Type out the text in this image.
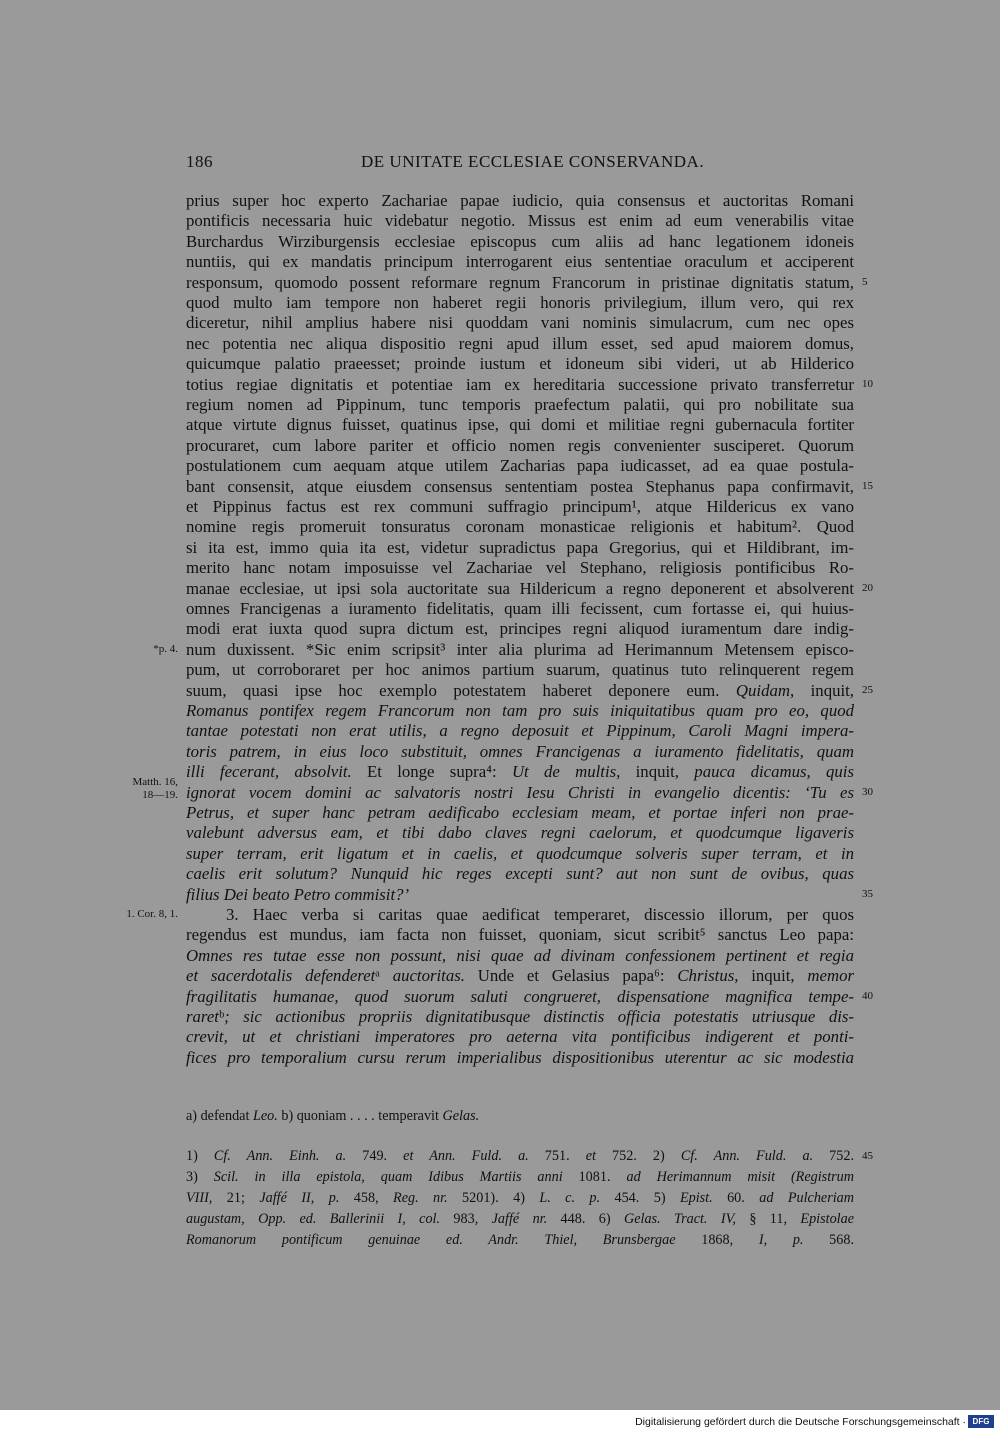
186	DE UNITATE ECCLESIAE CONSERVANDA.
prius super hoc experto Zachariae papae iudicio, quia consensus et auctoritas Romani
pontificis necessaria huic videbatur negotio. Missus est enim ad eum venerabilis vitae
Burchardus Wirziburgensis ecclesiae episcopus cum aliis ad hanc legationem idoneis
nuntiis, qui ex mandatis principum interrogarent eius sententiae oraculum et acciperent
responsum, quomodo possent reformare regnum Francorum in pristinae dignitatis statum, 5
quod multo iam tempore non haberet regii honoris privilegium, illum vero, qui rex
diceretur, nihil amplius habere nisi quoddam vani nominis simulacrum, cum nec opes
nec potentia nec aliqua dispositio regni apud illum esset, sed apud maiorem domus,
quicumque palatio praeesset; proinde iustum et idoneum sibi videri, ut ab Hilderico
totius regiae dignitatis et potentiae iam ex hereditaria successione privato transferretur 10
regium nomen ad Pippinum, tunc temporis praefectum palatii, qui pro nobilitate sua
atque virtute dignus fuisset, quatinus ipse, qui domi et militiae regni gubernacula fortiter
procuraret, cum labore pariter et officio nomen regis convenienter susciperet. Quorum
postulationem cum aequam atque utilem Zacharias papa iudicasset, ad ea quae postula-
bant consensit, atque eiusdem consensus sententiam postea Stephanus papa confirmavit, 15
et Pippinus factus est rex communi suffragio principum¹, atque Hildericus ex vano
nomine regis promeruit tonsuratus coronam monasticae religionis et habitum². Quod
si ita est, immo quia ita est, videtur supradictus papa Gregorius, qui et Hildibrant, im-
merito hanc notam imposuisse vel Zachariae vel Stephano, religiosis pontificibus Ro-
manae ecclesiae, ut ipsi sola auctoritate sua Hildericum a regno deponerent et absolverent 20
omnes Francigenas a iuramento fidelitatis, quam illi fecissent, cum fortasse ei, qui huius-
modi erat iuxta quod supra dictum est, principes regni aliquod iuramentum dare indig-
num duxissent. *Sic enim scripsit³ inter alia plurima ad Herimannum Metensem episco-
*p. 4.
pum, ut corroboraret per hoc animos partium suarum, quatinus tuto relinquerent regem
suum, quasi ipse hoc exemplo potestatem haberet deponere eum. Quidam, inquit, 25
Romanus pontifex regem Francorum non tam pro suis iniquitatibus quam pro eo, quod
tantae potestati non erat utilis, a regno deposuit et Pippinum, Caroli Magni impera-
toris patrem, in eius loco substituit, omnes Francigenas a iuramento fidelitatis, quam
illi fecerant, absolvit. Et longe supra⁴: Ut de multis, inquit, pauca dicamus, quis
ignorat vocem domini ac salvatoris nostri Iesu Christi in evangelio dicentis: ‘Tu es 30
Matth. 16,
18—19.
Petrus, et super hanc petram aedificabo ecclesiam meam, et portae inferi non prae-
valebunt adversus eam, et tibi dabo claves regni caelorum, et quodcumque ligaveris
super terram, erit ligatum et in caelis, et quodcumque solveris super terram, et in
caelis erit solutum? Nunquid hic reges excepti sunt? aut non sunt de ovibus, quas
filius Dei beato Petro commisit?’	35
3. Haec verba si caritas quae aedificat temperaret, discessio illorum, per quos
1. Cor. 8, 1.
regendus est mundus, iam facta non fuisset, quoniam, sicut scribit⁵ sanctus Leo papa:
Omnes res tutae esse non possunt, nisi quae ad divinam confessionem pertinent et regia
et sacerdotalis defenderetᵃ auctoritas. Unde et Gelasius papa⁶: Christus, inquit, memor
fragilitatis humanae, quod suorum saluti congrueret, dispensatione magnifica tempe- 40
raretᵇ; sic actionibus propriis dignitatibusque distinctis officia potestatis utriusque dis-
crevit, ut et christiani imperatores pro aeterna vita pontificibus indigerent et ponti-
fices pro temporalium cursu rerum imperialibus dispositionibus uterentur ac sic modestia
a) defendat Leo. b) quoniam . . . . temperavit Gelas.
1) Cf. Ann. Einh. a. 749. et Ann. Fuld. a. 751. et 752. 2) Cf. Ann. Fuld. a. 752. 45
3) Scil. in illa epistola, quam Idibus Martiis anni 1081. ad Herimannum misit (Registrum
VIII, 21; Jaffé II, p. 458, Reg. nr. 5201). 4) L. c. p. 454. 5) Epist. 60. ad Pulcheriam
augustam, Opp. ed. Ballerinii I, col. 983, Jaffé nr. 448. 6) Gelas. Tract. IV, § 11, Epistolae
Romanorum pontificum genuinae ed. Andr. Thiel, Brunsbergae 1868, I, p. 568.
Digitalisierung gefördert durch die Deutsche Forschungsgemeinschaft · DFG
